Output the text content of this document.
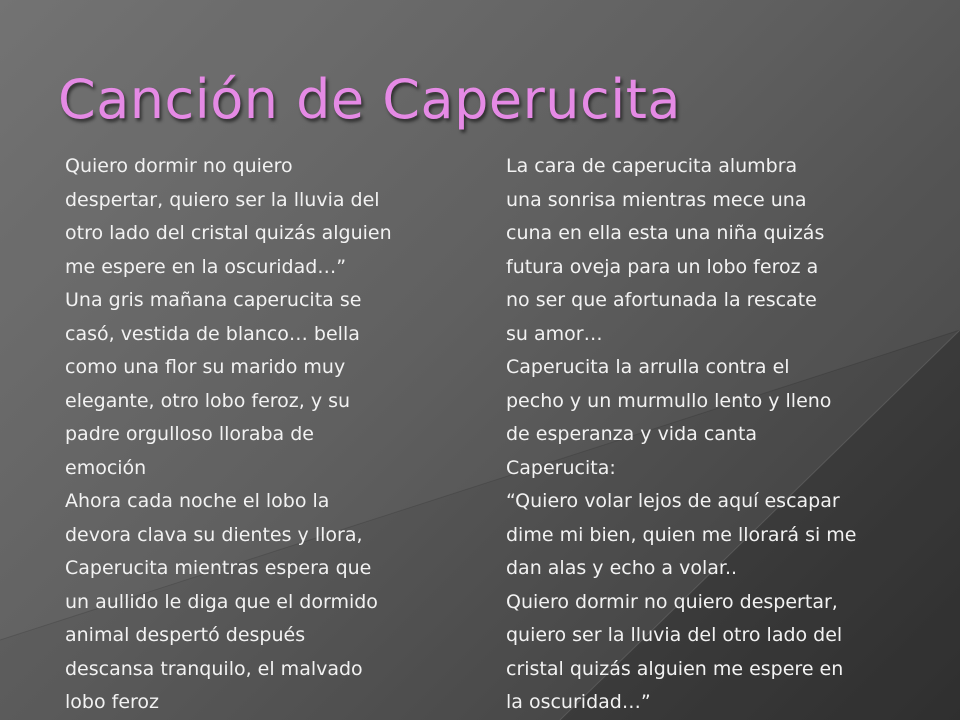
Canción de Caperucita
Quiero dormir no quiero
despertar, quiero ser la lluvia del
otro lado del cristal quizás alguien
me espere en la oscuridad…”
Una gris mañana caperucita se
casó, vestida de blanco… bella
como una flor su marido muy
elegante, otro lobo feroz, y su
padre orgulloso lloraba de
emoción
Ahora cada noche el lobo la
devora clava su dientes y llora,
Caperucita mientras espera que
un aullido le diga que el dormido
animal despertó después
descansa tranquilo, el malvado
lobo feroz
La cara de caperucita alumbra
una sonrisa mientras mece una
cuna en ella esta una niña quizás
futura oveja para un lobo feroz a
no ser que afortunada la rescate
su amor…
Caperucita la arrulla contra el
pecho y un murmullo lento y lleno
de esperanza y vida canta
Caperucita:
“Quiero volar lejos de aquí escapar
dime mi bien, quien me llorará si me
dan alas y echo a volar..
Quiero dormir no quiero despertar,
quiero ser la lluvia del otro lado del
cristal quizás alguien me espere en
la oscuridad…”
